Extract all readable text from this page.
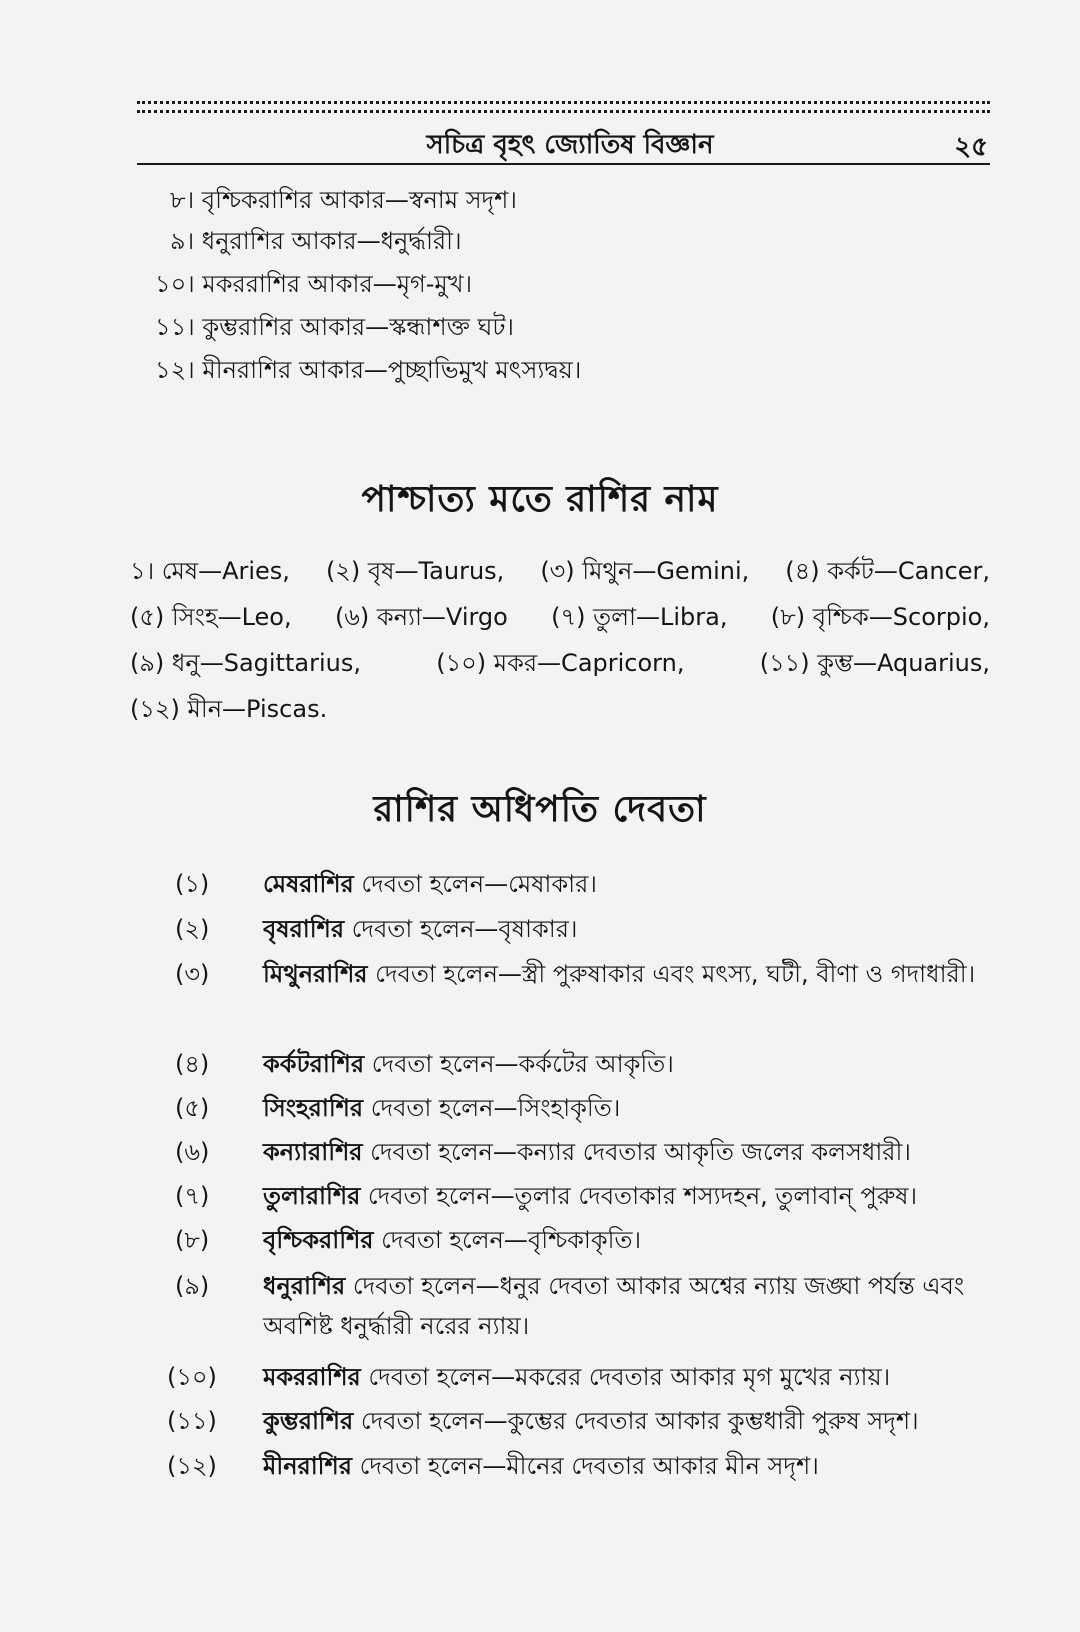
সচিত্র বৃহৎ জ্যোতিষ বিজ্ঞান	২৫
৮। বৃশ্চিকরাশির আকার—স্বনাম সদৃশ।
৯। ধনুরাশির আকার—ধনুর্দ্ধারী।
১০। মকররাশির আকার—মৃগ-মুখ।
১১। কুম্ভরাশির আকার—স্কন্ধাশক্ত ঘট।
১২। মীনরাশির আকার—পুচ্ছাভিমুখ মৎস্যদ্বয়।
পাশ্চাত্য মতে রাশির নাম
১। মেষ—Aries, (২) বৃষ—Taurus, (৩) মিথুন—Gemini, (৪) কর্কট—Cancer,
(৫) সিংহ—Leo, (৬) কন্যা—Virgo (৭) তুলা—Libra, (৮) বৃশ্চিক—Scorpio,
(৯) ধনু—Sagittarius,	(১০) মকর—Capricorn,	(১১) কুম্ভ—Aquarius,
(১২) মীন—Piscas.
রাশির অধিপতি দেবতা
(১)	মেষরাশির দেবতা হলেন—মেষাকার।
(২)	বৃষরাশির দেবতা হলেন—বৃষাকার।
(৩)	মিথুনরাশির দেবতা হলেন—স্ত্রী পুরুষাকার এবং মৎস্য, ঘটী, বীণা ও গদাধারী।
(৪)	কর্কটরাশির দেবতা হলেন—কর্কটের আকৃতি।
(৫)	সিংহরাশির দেবতা হলেন—সিংহাকৃতি।
(৬)	কন্যারাশির দেবতা হলেন—কন্যার দেবতার আকৃতি জলের কলসধারী।
(৭)	তুলারাশির দেবতা হলেন—তুলার দেবতাকার শস্যদহন, তুলাবান্ পুরুষ।
(৮)	বৃশ্চিকরাশির দেবতা হলেন—বৃশ্চিকাকৃতি।
(৯)	ধনুরাশির দেবতা হলেন—ধনুর দেবতা আকার অশ্বের ন্যায় জঙ্ঘা পর্যন্ত এবং অবশিষ্ট ধনুর্দ্ধারী নরের ন্যায়।
(১০)	মকররাশির দেবতা হলেন—মকরের দেবতার আকার মৃগ মুখের ন্যায়।
(১১)	কুম্ভরাশির দেবতা হলেন—কুম্ভের দেবতার আকার কুম্ভধারী পুরুষ সদৃশ।
(১২)	মীনরাশির দেবতা হলেন—মীনের দেবতার আকার মীন সদৃশ।
